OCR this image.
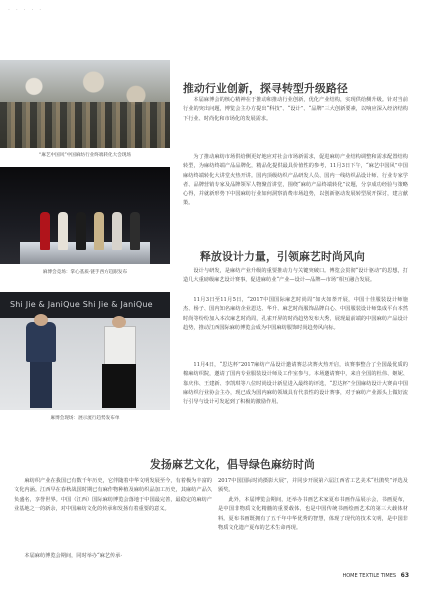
· · · · ·
“麻艺中国风”中国麻纺行业终端转化大会现场
麻博会竞场：掌心基质·链手西方趋跟发布
Shi Jie & JaniQue Shi Jie & JaniQue
麻博会现场：展示流行趋势发布单
推动行业创新，探寻转型升级路径

本届麻博会的核心精神在于推动和推动行业创新，优化产业结构，实现供给侧升级。针对当前行业的突出问题，博览会主办方提出“科技”、“设计”、“品牌”三大创新要素，以响应深入经济结构下行业、时尚化和市场化的发展需求。

为了推动麻纺市场供给侧更好地应对社会市场新需求，促进麻纺产业结构调整和需求配置结构转型，为麻纺终端产品品牌化，精品化提供最具价值性的参考，11月3日下午，“麻艺中国风”中国麻纺终端转化大讲堂火热开讲。国内顶级纺织产品研发人员、国内一线纺织品设计师、行业专家学者、品牌营销专家及品牌领军人物聚首讲堂，围绕“麻纺产品终端转化”议题，分享成功经验与策略心得，并就新形势下中国麻纺行业如何洞察消费市场趋势，以创新驱动发展转型展开探讨，建言献策。

释放设计力量，引领麻艺时尚风向

设计与研发，是麻纺产业升级的重要推动力与关键突破口。博览会贯彻“设计驱动”的思想，打造几大重磅级麻艺设计赛事，促进麻纺业“产业—设计—品牌—市场”相互融合发展。

11月3日至11月5日，“2017中国国际麻艺时尚周”如火如荼开展，中国十佳服装设计师施杰、杨子、国内知名麻纺企业恩达、华升、麻艺时尚服饰品牌白心、中国服装设计师集成平台本然时尚等纷纷加入本次麻艺时尚周，孔雀开屏的时尚趋势发布大秀，展现最前端的中国麻纺产品设计趋势，推动江西国际麻纺博览会成为中国麻纺服饰时尚趋势风向标。

11月4日，“思达杯”2017麻纺产品设计邀请赛总决赛火热开启，该赛事整合了全国最优质的棉麻纺织院，邀请了国内专业服装设计师及工作室参与。本场邀请赛中，来自全国的杜伟、姬妮、靠庆伟、王建新、李凯琪等八位时尚设计新星进入最终的评选，“思达杯”全国麻纺设计大赛由中国麻纺织行业协会主办，现已成为国内麻纺领域具有代表性的设计赛事，对于麻纺产业源头上做好流行引导与设计可发起到了积极的激励作用。

发扬麻艺文化，倡导绿色麻纺时尚

麻纺织产业在我国已有数千年历史，它伴随着中华文明发展至今，有着极为丰富的文化内涵。江西早在春秋战国时期已有麻作物种植及麻纺织品加工历史，其麻纺产品久负盛名，享誉世界。中国（江西）国际麻纺博览会落地于中国最完善，最稳定的麻纺产业基地之一的新余，对中国麻纺文化的传承和发扬有着重要的意义。

本届麻纺博览会期间，同时举办“麻艺传承·

2017中国国际时尚摄影大展”，并同步开展第六届江西省工艺美术“杜鹃奖”评选及颁奖。

此外，本届博览会期间，还举办书画艺术家夏布书画作品展示会，书画夏布，是中国非物质文化精髓的重要载体，也是中国传统书画绘画艺术的第三大载体材料。夏布书画既拥有了五千年中华优秀的智慧，体现了现代的技术文明，是中国非物质文化遗产夏布的艺术生命再现。

HOME TEXTILE TIMES 63
